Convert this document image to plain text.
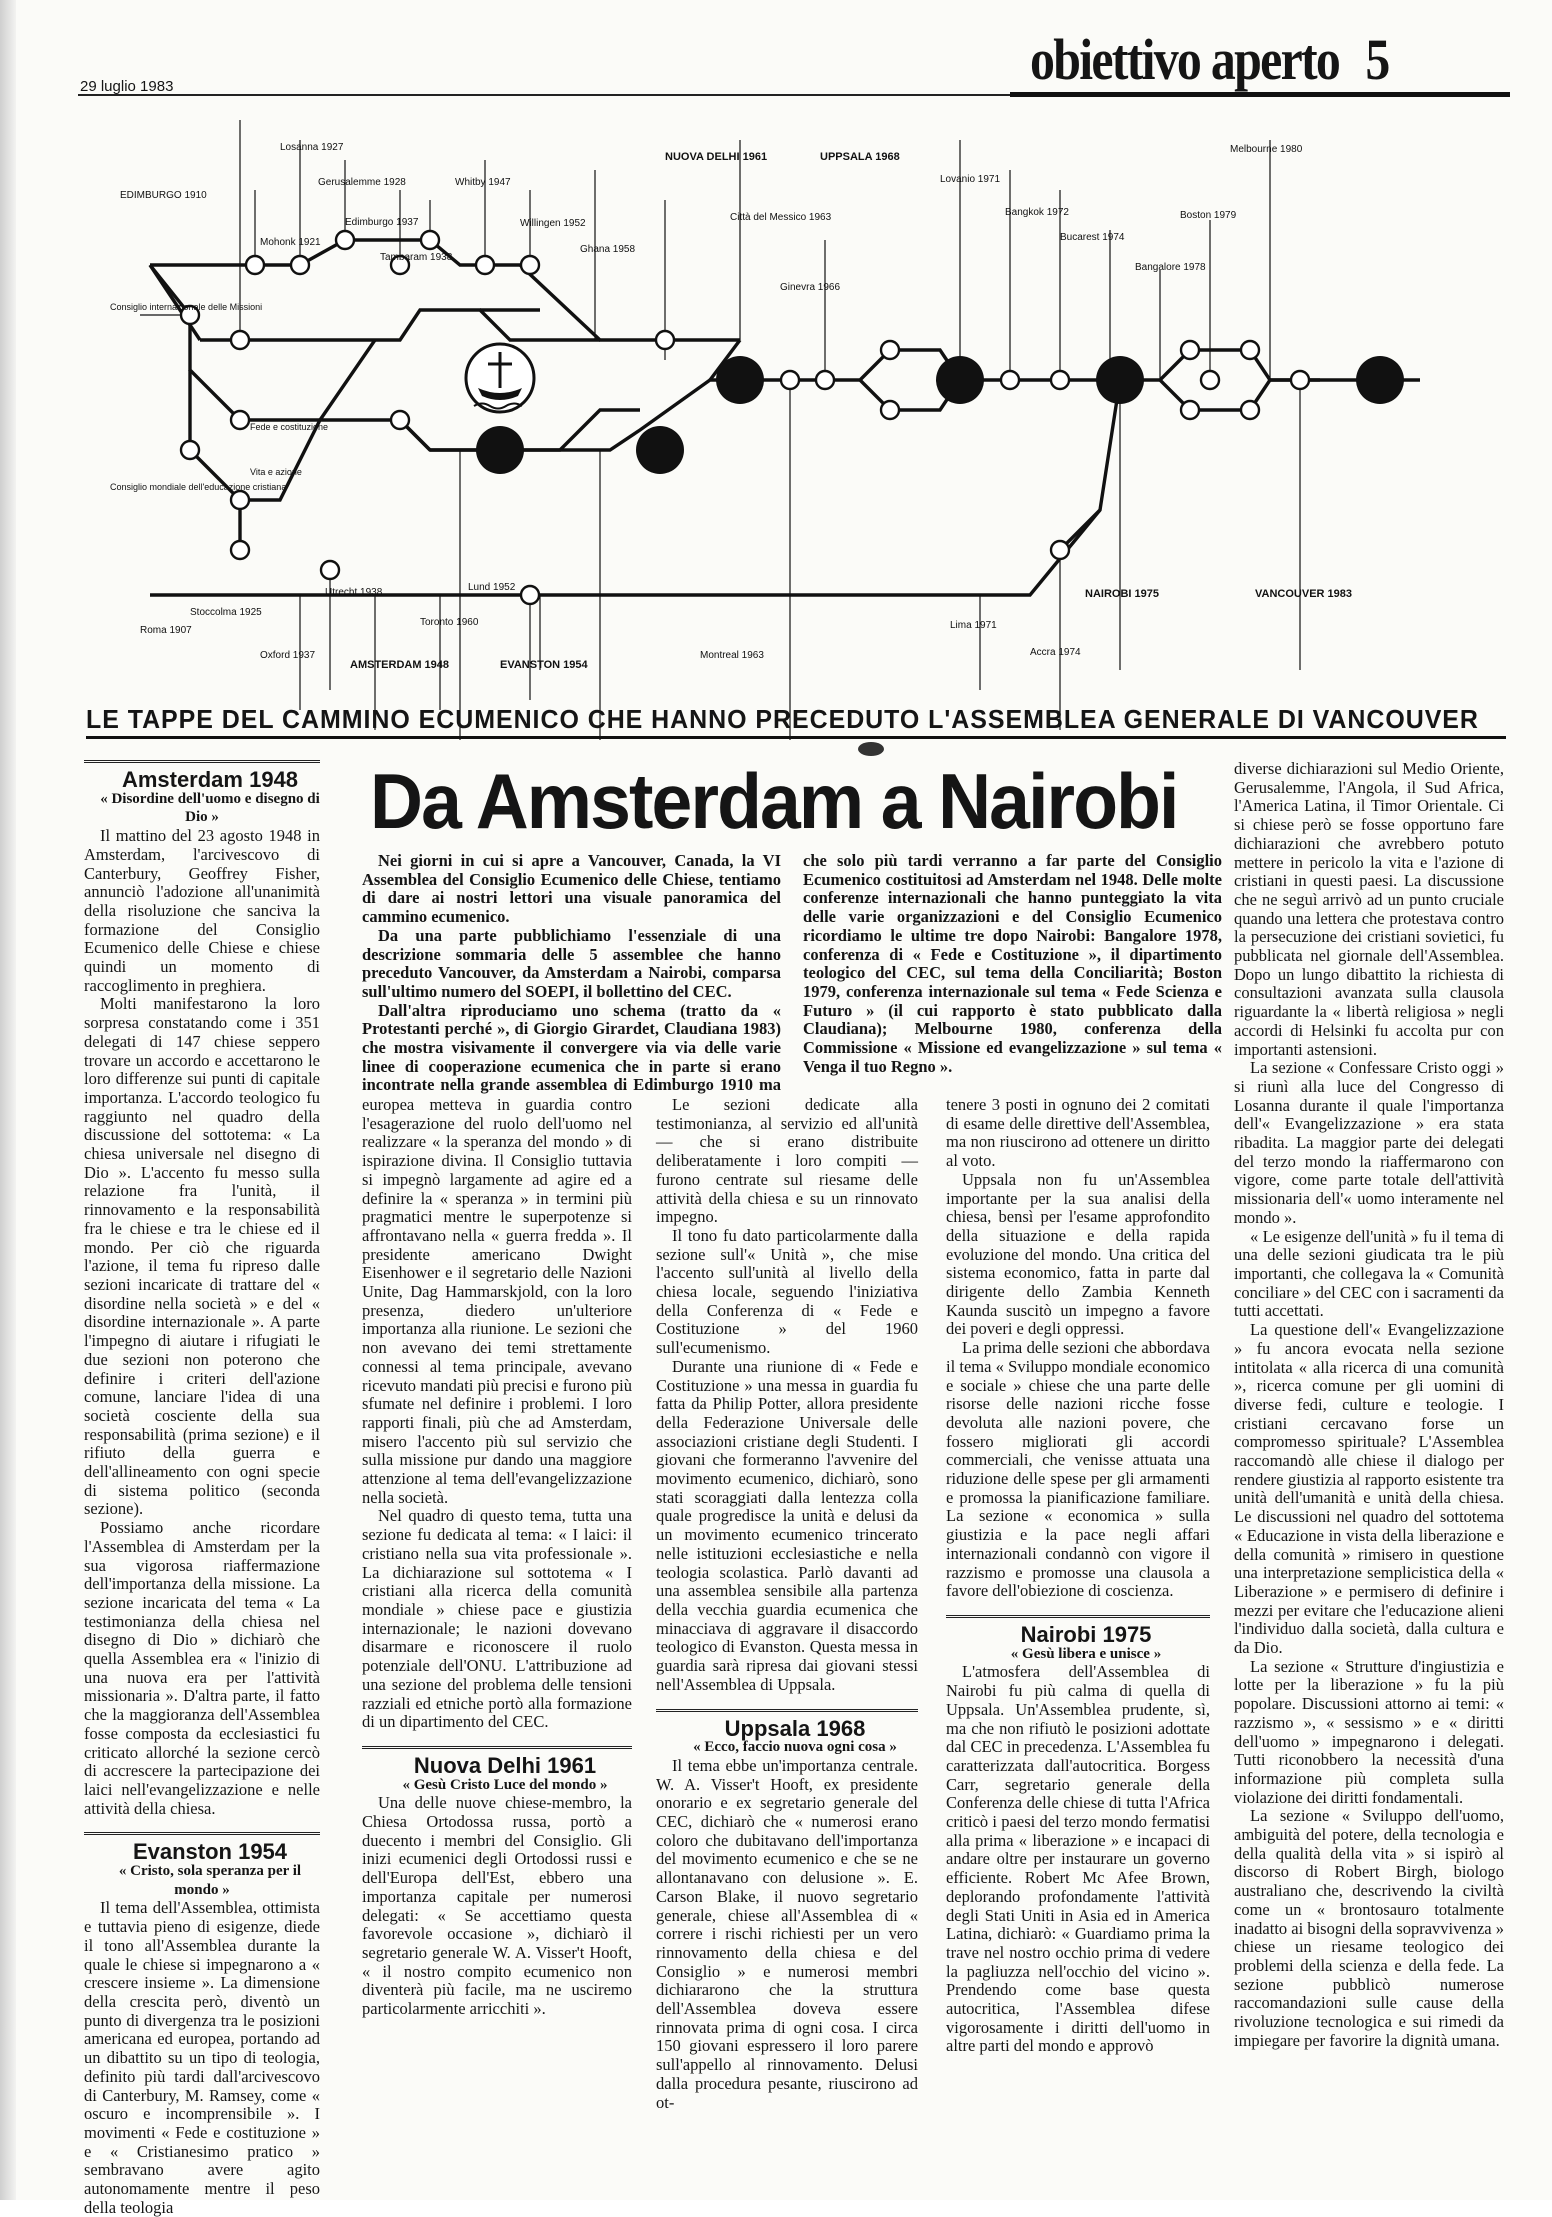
29 luglio 1983	obiettivo aperto 5
Consiglio internazionale delle Missioni
Fede e costituzione
Vita e azione
Consiglio mondiale dell'educazione cristiana
EDIMBURGO 1910
Mohonk 1921
Losanna 1927
Gerusalemme 1928
Edimburgo 1937
Whitby 1947
Tambaram 1938
Willingen 1952
Ghana 1958
NUOVA DELHI 1961
Città del Messico 1963
Ginevra 1966
UPPSALA 1968
Lovanio 1971
Bangkok 1972
Bucarest 1974
Melbourne 1980
Boston 1979
Bangalore 1978
Stoccolma 1925
Roma 1907
Oxford 1937
Utrecht 1938
AMSTERDAM 1948
Toronto 1960
Lund 1952
EVANSTON 1954
Montreal 1963
Lima 1971
Accra 1974
NAIROBI 1975	VANCOUVER 1983
LE TAPPE DEL CAMMINO ECUMENICO CHE HANNO PRECEDUTO L'ASSEMBLEA GENERALE DI VANCOUVER
Da Amsterdam a Nairobi

Amsterdam 1948

« Disordine dell'uomo e disegno di Dio »

Il mattino del 23 agosto 1948 in Amsterdam, l'arcivescovo di Canterbury, Geoffrey Fisher, annunciò l'adozione all'unanimità della risoluzione che sanciva la formazione del Consiglio Ecumenico delle Chiese e chiese quindi un momento di raccoglimento in preghiera.

Molti manifestarono la loro sorpresa constatando come i 351 delegati di 147 chiese seppero trovare un accordo e accettarono le loro differenze sui punti di capitale importanza. L'accordo teologico fu raggiunto nel quadro della discussione del sottotema: « La chiesa universale nel disegno di Dio ». L'accento fu messo sulla relazione fra l'unità, il rinnovamento e la responsabilità fra le chiese e tra le chiese ed il mondo. Per ciò che riguarda l'azione, il tema fu ripreso dalle sezioni incaricate di trattare del « disordine nella società » e del « disordine internazionale ». A parte l'impegno di aiutare i rifugiati le due sezioni non poterono che definire i criteri dell'azione comune, lanciare l'idea di una società cosciente della sua responsabilità (prima sezione) e il rifiuto della guerra e dell'allineamento con ogni specie di sistema politico (seconda sezione).

Possiamo anche ricordare l'Assemblea di Amsterdam per la sua vigorosa riaffermazione dell'importanza della missione. La sezione incaricata del tema « La testimonianza della chiesa nel disegno di Dio » dichiarò che quella Assemblea era « l'inizio di una nuova era per l'attività missionaria ». D'altra parte, il fatto che la maggioranza dell'Assemblea fosse composta da ecclesiastici fu criticato allorché la sezione cercò di accrescere la partecipazione dei laici nell'evangelizzazione e nelle attività della chiesa.

Evanston 1954

« Cristo, sola speranza per il mondo »

Il tema dell'Assemblea, ottimista e tuttavia pieno di esigenze, diede il tono all'Assemblea durante la quale le chiese si impegnarono a « crescere insieme ». La dimensione della crescita però, diventò un punto di divergenza tra le posizioni americana ed europea, portando ad un dibattito su un tipo di teologia, definito più tardi dall'arcivescovo di Canterbury, M. Ramsey, come « oscuro e incomprensibile ». I movimenti « Fede e costituzione » e « Cristianesimo pratico » sembravano avere agito autonomamente mentre il peso della teologia

Nei giorni in cui si apre a Vancouver, Canada, la VI Assemblea del Consiglio Ecumenico delle Chiese, tentiamo di dare ai nostri lettori una visuale panoramica del cammino ecumenico.

Da una parte pubblichiamo l'essenziale di una descrizione sommaria delle 5 assemblee che hanno preceduto Vancouver, da Amsterdam a Nairobi, comparsa sull'ultimo numero del SOEPI, il bollettino del CEC.

Dall'altra riproduciamo uno schema (tratto da « Protestanti perché », di Giorgio Girardet, Claudiana 1983) che mostra visivamente il convergere via via delle varie linee di cooperazione ecumenica che in parte si erano incontrate nella grande assemblea di Edimburgo 1910 ma che solo più tardi verranno a far parte del Consiglio Ecumenico costituitosi ad Amsterdam nel 1948. Delle molte conferenze internazionali che hanno punteggiato la vita delle varie organizzazioni e del Consiglio Ecumenico ricordiamo le ultime tre dopo Nairobi: Bangalore 1978, conferenza di « Fede e Costituzione », il dipartimento teologico del CEC, sul tema della Conciliarità; Boston 1979, conferenza internazionale sul tema « Fede Scienza e Futuro » (il cui rapporto è stato pubblicato dalla Claudiana); Melbourne 1980, conferenza della Commissione « Missione ed evangelizzazione » sul tema « Venga il tuo Regno ».

europea metteva in guardia contro l'esagerazione del ruolo dell'uomo nel realizzare « la speranza del mondo » di ispirazione divina. Il Consiglio tuttavia si impegnò largamente ad agire ed a definire la « speranza » in termini più pragmatici mentre le superpotenze si affrontavano nella « guerra fredda ». Il presidente americano Dwight Eisenhower e il segretario delle Nazioni Unite, Dag Hammarskjold, con la loro presenza, diedero un'ulteriore importanza alla riunione. Le sezioni che non avevano dei temi strettamente connessi al tema principale, avevano ricevuto mandati più precisi e furono più sfumate nel definire i problemi. I loro rapporti finali, più che ad Amsterdam, misero l'accento più sul servizio che sulla missione pur dando una maggiore attenzione al tema dell'evangelizzazione nella società.

Nel quadro di questo tema, tutta una sezione fu dedicata al tema: « I laici: il cristiano nella sua vita professionale ». La dichiarazione sul sottotema « I cristiani alla ricerca della comunità mondiale » chiese pace e giustizia internazionale; le nazioni dovevano disarmare e riconoscere il ruolo potenziale dell'ONU. L'attribuzione ad una sezione del problema delle tensioni razziali ed etniche portò alla formazione di un dipartimento del CEC.

Nuova Delhi 1961

« Gesù Cristo Luce del mondo »

Una delle nuove chiese-membro, la Chiesa Ortodossa russa, portò a duecento i membri del Consiglio. Gli inizi ecumenici degli Ortodossi russi e dell'Europa dell'Est, ebbero una importanza capitale per numerosi delegati: « Se accettiamo questa favorevole occasione », dichiarò il segretario generale W. A. Visser't Hooft, « il nostro compito ecumenico non diventerà più facile, ma ne usciremo particolarmente arricchiti ».

Le sezioni dedicate alla testimonianza, al servizio ed all'unità — che si erano distribuite deliberatamente i loro compiti — furono centrate sul riesame delle attività della chiesa e su un rinnovato impegno.

Il tono fu dato particolarmente dalla sezione sull'« Unità », che mise l'accento sull'unità al livello della chiesa locale, seguendo l'iniziativa della Conferenza di « Fede e Costituzione » del 1960 sull'ecumenismo.

Durante una riunione di « Fede e Costituzione » una messa in guardia fu fatta da Philip Potter, allora presidente della Federazione Universale delle associazioni cristiane degli Studenti. I giovani che formeranno l'avvenire del movimento ecumenico, dichiarò, sono stati scoraggiati dalla lentezza colla quale progrediscе la unità e delusi da un movimento ecumenico trincerato nelle istituzioni ecclesiastiche e nella teologia scolastica. Parlò davanti ad una assemblea sensibile alla partenza della vecchia guardia ecumenica che minacciava di aggravare il disaccordo teologico di Evanston. Questa messa in guardia sarà ripresa dai giovani stessi nell'Assemblea di Uppsala.

Uppsala 1968

« Ecco, faccio nuova ogni cosa »

Il tema ebbe un'importanza centrale. W. A. Visser't Hooft, ex presidente onorario e ex segretario generale del CEC, dichiarò che « numerosi erano coloro che dubitavano dell'importanza del movimento ecumenico e che se ne allontanavano con delusione ». E. Carson Blake, il nuovo segretario generale, chiese all'Assemblea di « correre i rischi richiesti per un vero rinnovamento della chiesa e del Consiglio » e numerosi membri dichiararono che la struttura dell'Assemblea doveva essere rinnovata prima di ogni cosa. I circa 150 giovani espressero il loro parere sull'appello al rinnovamento. Delusi dalla procedura pesante, riuscirono ad ot-

tenere 3 posti in ognuno dei 2 comitati di esame delle direttive dell'Assemblea, ma non riuscirono ad ottenere un diritto al voto.

Uppsala non fu un'Assemblea importante per la sua analisi della chiesa, bensì per l'esame approfondito della situazione e della rapida evoluzione del mondo. Una critica del sistema economico, fatta in parte dal dirigente dello Zambia Kenneth Kaunda suscitò un impegno a favore dei poveri e degli oppressi.

La prima delle sezioni che abbordava il tema « Sviluppo mondiale economico e sociale » chiese che una parte delle risorse delle nazioni ricche fosse devoluta alle nazioni povere, che fossero migliorati gli accordi commerciali, che venisse attuata una riduzione delle spese per gli armamenti e promossa la pianificazione familiare. La sezione « economica » sulla giustizia e la pace negli affari internazionali condannò con vigore il razzismo e promosse una clausola a favore dell'obiezione di coscienza.

Nairobi 1975

« Gesù libera e unisce »

L'atmosfera dell'Assemblea di Nairobi fu più calma di quella di Uppsala. Un'Assemblea prudente, sì, ma che non rifiutò le posizioni adottate dal CEC in precedenza. L'Assemblea fu caratterizzata dall'autocritica. Borgess Carr, segretario generale della Conferenza delle chiese di tutta l'Africa criticò i paesi del terzo mondo fermatisi alla prima « liberazione » e incapaci di andare oltre per instaurare un governo efficiente. Robert Mc Afee Brown, deplorando profondamente l'attività degli Stati Uniti in Asia ed in America Latina, dichiarò: « Guardiamo prima la trave nel nostro occhio prima di vedere la pagliuzza nell'occhio del vicino ». Prendendo come base questa autocritica, l'Assemblea difese vigorosamente i diritti dell'uomo in altre parti del mondo e approvò

diverse dichiarazioni sul Medio Oriente, Gerusalemme, l'Angola, il Sud Africa, l'America Latina, il Timor Orientale. Ci si chiese però se fosse opportuno fare dichiarazioni che avrebbero potuto mettere in pericolo la vita e l'azione di cristiani in questi paesi. La discussione che ne seguì arrivò ad un punto cruciale quando una lettera che protestava contro la persecuzione dei cristiani sovietici, fu pubblicata nel giornale dell'Assemblea. Dopo un lungo dibattito la richiesta di consultazioni avanzata sulla clausola riguardante la « libertà religiosa » negli accordi di Helsinki fu accolta pur con importanti astensioni.

La sezione « Confessare Cristo oggi » si riunì alla luce del Congresso di Losanna durante il quale l'importanza dell'« Evangelizzazione » era stata ribadita. La maggior parte dei delegati del terzo mondo la riaffermarono con vigore, come parte totale dell'attività missionaria dell'« uomo interamente nel mondo ».

« Le esigenze dell'unità » fu il tema di una delle sezioni giudicata tra le più importanti, che collegava la « Comunità conciliare » del CEC con i sacramenti da tutti accettati.

La questione dell'« Evangelizzazione » fu ancora evocata nella sezione intitolata « alla ricerca di una comunità », ricerca comune per gli uomini di diverse fedi, culture e teologie. I cristiani cercavano forse un compromesso spirituale? L'Assemblea raccomandò alle chiese il dialogo per rendere giustizia al rapporto esistente tra unità dell'umanità e unità della chiesa. Le discussioni nel quadro del sottotema « Educazione in vista della liberazione e della comunità » rimisero in questione una interpretazione semplicistica della « Liberazione » e permisero di definire i mezzi per evitare che l'educazione alieni l'individuo dalla società, dalla cultura e da Dio.

La sezione « Strutture d'ingiustizia e lotte per la liberazione » fu la più popolare. Discussioni attorno ai temi: « razzismo », « sessismo » e « diritti dell'uomo » impegnarono i delegati. Tutti riconobbero la necessità d'una informazione più completa sulla violazione dei diritti fondamentali.

La sezione « Sviluppo dell'uomo, ambiguità del potere, della tecnologia e della qualità della vita » si ispirò al discorso di Robert Birgh, biologo australiano che, descrivendo la civiltà come un « brontosauro totalmente inadatto ai bisogni della sopravvivenza » chiese un riesame teologico dei problemi della scienza e della fede. La sezione pubblicò numerose raccomandazioni sulle cause della rivoluzione tecnologica e sui rimedi da impiegare per favorire la dignità umana.
